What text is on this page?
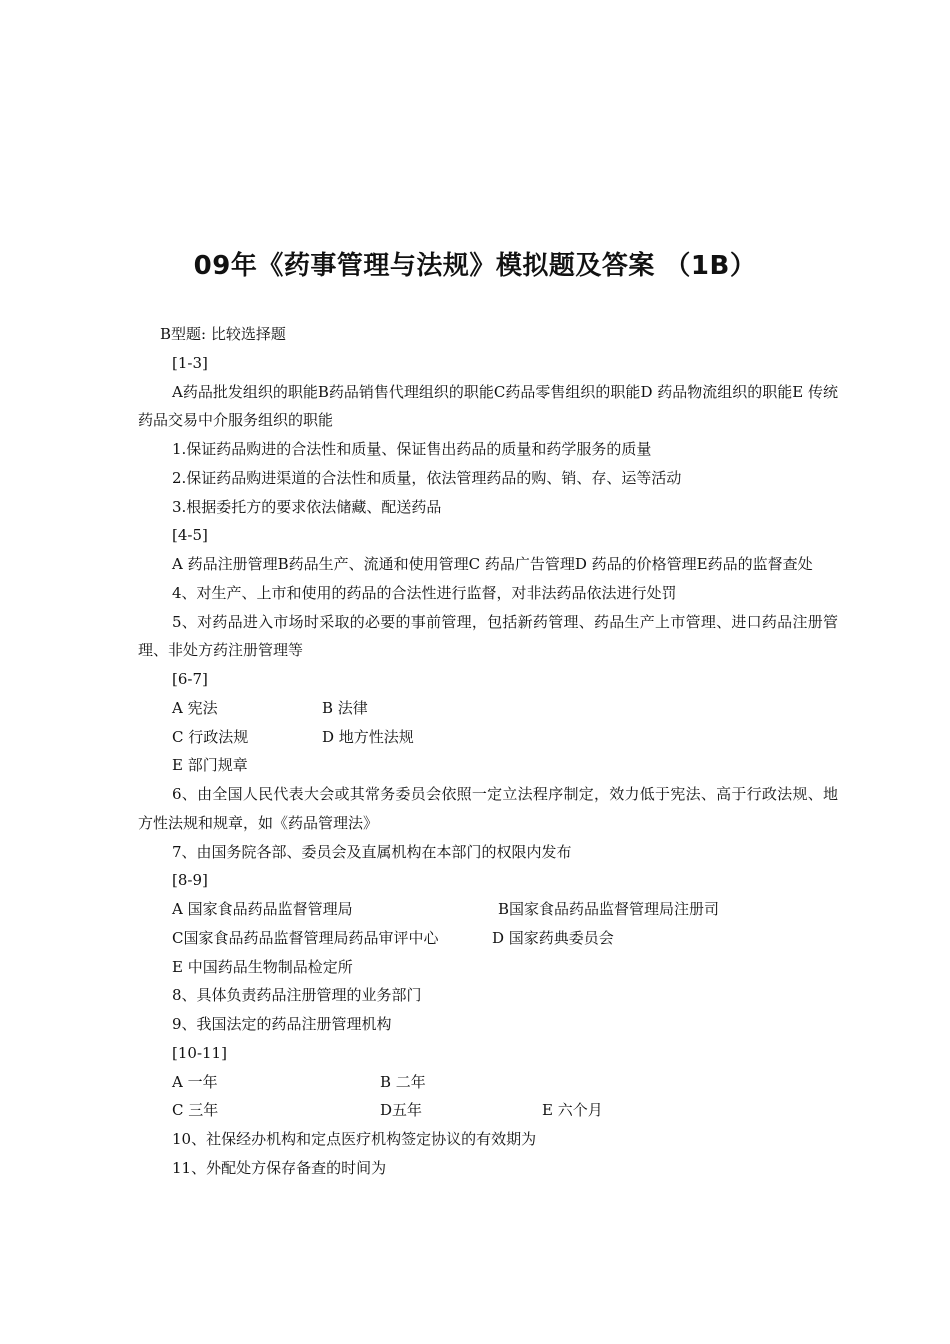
09年《药事管理与法规》模拟题及答案 （1B）
B型题: 比较选择题
[1-3]
A药品批发组织的职能B药品销售代理组织的职能C药品零售组织的职能D 药品物流组织的职能E 传统药品交易中介服务组织的职能
1.保证药品购进的合法性和质量、保证售出药品的质量和药学服务的质量
2.保证药品购进渠道的合法性和质量，依法管理药品的购、销、存、运等活动
3.根据委托方的要求依法储藏、配送药品
[4-5]
A 药品注册管理B药品生产、流通和使用管理C 药品广告管理D 药品的价格管理E药品的监督查处
4、对生产、上市和使用的药品的合法性进行监督，对非法药品依法进行处罚
5、对药品进入市场时采取的必要的事前管理，包括新药管理、药品生产上市管理、进口药品注册管理、非处方药注册管理等
[6-7]
A 宪法	B 法律
C 行政法规	D 地方性法规
E 部门规章
6、由全国人民代表大会或其常务委员会依照一定立法程序制定，效力低于宪法、高于行政法规、地方性法规和规章，如《药品管理法》
7、由国务院各部、委员会及直属机构在本部门的权限内发布
[8-9]
A 国家食品药品监督管理局	B国家食品药品监督管理局注册司
C国家食品药品监督管理局药品审评中心	D 国家药典委员会
E 中国药品生物制品检定所
8、具体负责药品注册管理的业务部门
9、我国法定的药品注册管理机构
[10-11]
A 一年	B 二年
C 三年	D五年	E 六个月
10、社保经办机构和定点医疗机构签定协议的有效期为
11、外配处方保存备查的时间为
